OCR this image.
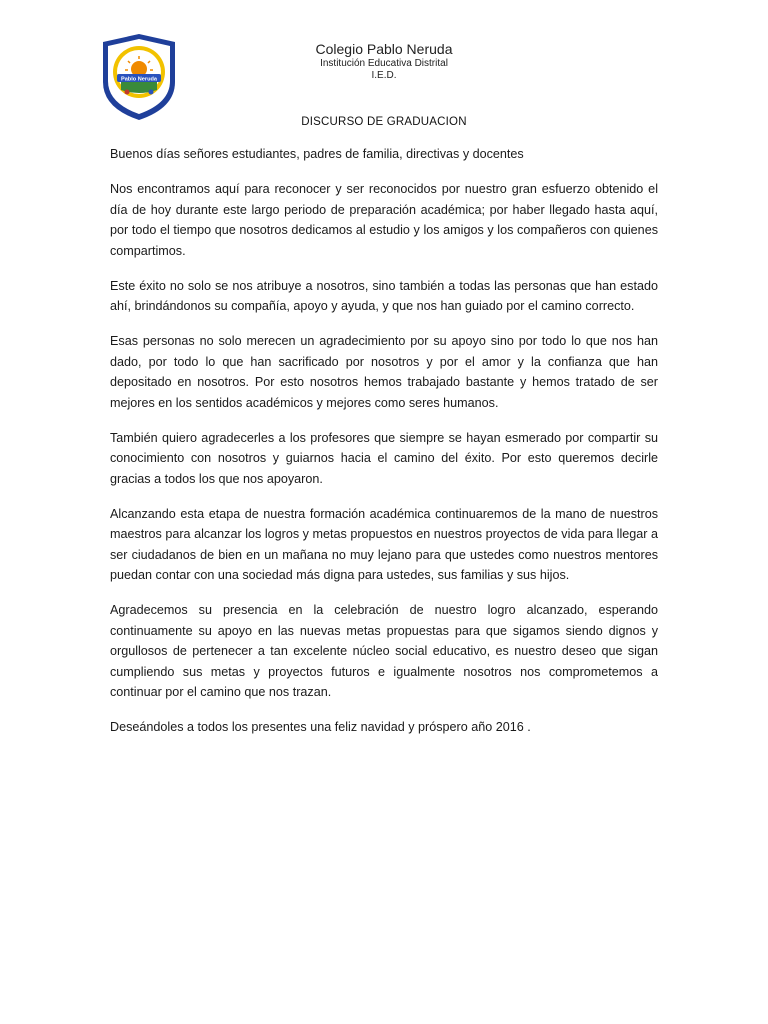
Pablo Neruda
Colegio Pablo Neruda
Institución Educativa Distrital
I.E.D.
DISCURSO DE GRADUACION

Buenos días señores estudiantes, padres de familia, directivas y docentes

Nos encontramos aquí para reconocer y ser reconocidos por nuestro gran esfuerzo obtenido el día de hoy durante este largo periodo de preparación académica; por haber llegado hasta aquí, por todo el tiempo que nosotros dedicamos al estudio y los amigos y los compañeros con quienes compartimos.

Este éxito no solo se nos atribuye a nosotros, sino también a todas las personas que han estado ahí, brindándonos su compañía, apoyo y ayuda, y que nos han guiado por el camino correcto.

Esas personas no solo merecen un agradecimiento por su apoyo sino por todo lo que nos han dado, por todo lo que han sacrificado por nosotros y por el amor y la confianza que han depositado en nosotros. Por esto nosotros hemos trabajado bastante y hemos tratado de ser mejores en los sentidos académicos y mejores como seres humanos.

También quiero agradecerles a los profesores que siempre se hayan esmerado por compartir su conocimiento con nosotros y guiarnos hacia el camino del éxito. Por esto queremos decirle gracias a todos los que nos apoyaron.

Alcanzando esta etapa de nuestra formación académica continuaremos de la mano de nuestros maestros para alcanzar los logros y metas propuestos en nuestros proyectos de vida para llegar a ser ciudadanos de bien en un mañana no muy lejano para que ustedes como nuestros mentores puedan contar con una sociedad más digna para ustedes, sus familias y sus hijos.

Agradecemos su presencia en la celebración de nuestro logro alcanzado, esperando continuamente su apoyo en las nuevas metas propuestas para que sigamos siendo dignos y orgullosos de pertenecer a tan excelente núcleo social educativo, es nuestro deseo que sigan cumpliendo sus metas y proyectos futuros e igualmente nosotros nos comprometemos a continuar por el camino que nos trazan.

Deseándoles a todos los presentes una feliz navidad y próspero año 2016 .
